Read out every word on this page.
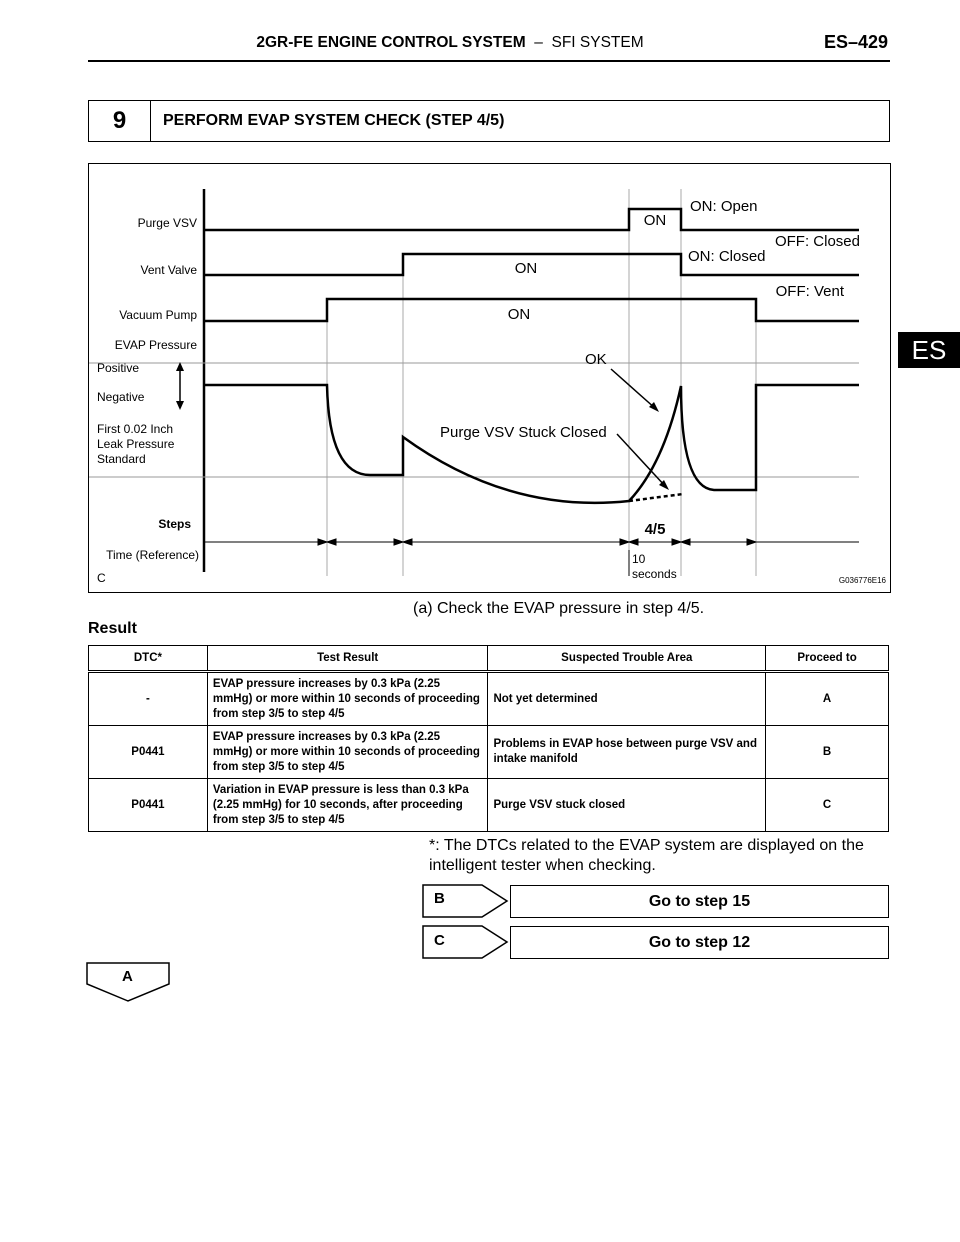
2GR-FE ENGINE CONTROL SYSTEM – SFI SYSTEM	ES–429
ES
9	PERFORM EVAP SYSTEM CHECK (STEP 4/5)
Purge VSV
Vent Valve
Vacuum Pump
EVAP Pressure
Positive
Negative
First 0.02 Inch
Leak Pressure
Standard
Steps
Time (Reference)
C
ON
ON
ON
ON: Open
OFF: Closed
ON: Closed
OFF: Vent
OK
Purge VSV Stuck Closed
4/5
10
seconds	G036776E16
(a) Check the EVAP pressure in step 4/5.
Result
DTC*	Test Result	Suspected Trouble Area	Proceed to
-	EVAP pressure increases by 0.3 kPa (2.25 mmHg) or more within 10 seconds of proceeding from step 3/5 to step 4/5	Not yet determined	A
P0441	EVAP pressure increases by 0.3 kPa (2.25 mmHg) or more within 10 seconds of proceeding from step 3/5 to step 4/5	Problems in EVAP hose between purge VSV and intake manifold	B
P0441	Variation in EVAP pressure is less than 0.3 kPa (2.25 mmHg) for 10 seconds, after proceeding from step 3/5 to step 4/5	Purge VSV stuck closed	C
*: The DTCs related to the EVAP system are displayed on the intelligent tester when checking.
B	Go to step 15
C	Go to step 12
A
